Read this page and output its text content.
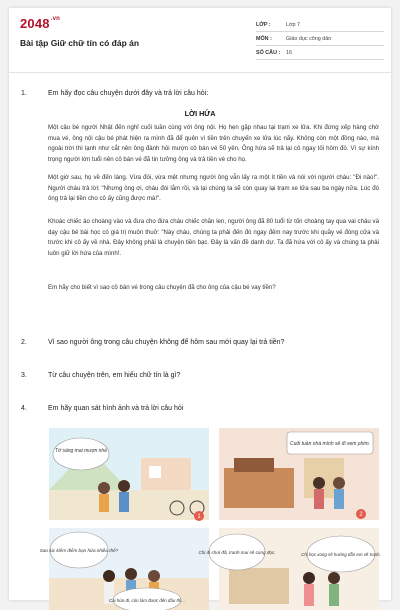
$2048^{.vn}$
Bài tập Giữ chữ tín có đáp án
LỚP :	Lớp 7
MÔN :	Giáo dục công dân
SỐ CÂU :	16
1.	Em hãy đọc câu chuyện dưới đây và trả lời câu hỏi:
LỜI HỨA
Một cậu bé người Nhật đến nghỉ cuối tuần cùng với ông nội. Họ hẹn gặp nhau tại trạm xe lửa. Khi đứng xếp hàng chờ mua vé, ông nội cậu bé phát hiện ra mình đã để quên ví tiền trên chuyến xe lửa lúc nãy. Không còn một đồng nào, mà ngoài trời thì lạnh như cắt nên ông đành hỏi mượn cô bán vé 50 yên. Ông hứa sẽ trả lại cô ngay tối hôm đó. Vì sự kính trọng người lớn tuổi nên cô bán vé đã tin tưởng ông và trả tiền vé cho họ.
Một giờ sau, họ về đến làng. Vừa đói, vừa mệt nhưng người ông vẫn lấy ra một ít tiền và nói với người cháu: "Đi nào!". Người cháu trả lời: "Nhưng ông ơi, cháu đói lắm rồi, và lại chúng ta sẽ còn quay lại trạm xe lửa sau ba ngày nữa. Lúc đó ông trả lại tiền cho cô ấy cũng được mà!".
Khoác chiếc áo choàng vào và đưa cho đứa cháu chiếc chăn len, người ông đã 80 tuổi từ tốn choàng tay qua vai cháu và dạy cậu bé bài học có giá trị muôn thuở: "Này cháu, chúng ta phải đến đó ngay đêm nay trước khi quầy vé đóng cửa và trước khi cô ấy về nhà. Đây không phải là chuyện tiền bạc. Đây là vấn đề danh dự. Ta đã hứa với cô ấy và chúng ta phải luôn giữ lời hứa của mình!.
Em hãy cho biết vì sao cô bán vé trong câu chuyện đã cho ông của cậu bé vay tiền?
2.	Vì sao người ông trong câu chuyện không để hôm sau mới quay lại trả tiền?
3.	Từ câu chuyện trên, em hiểu chữ tín là gì?
4.	Em hãy quan sát hình ảnh và trả lời câu hỏi
1	2
Tớ sáng mai mượn nhé
Cuối tuần nhà mình sẽ đi xem phim.
Sao lúc kiếm điểm bạn hứa nhiều thế?	Chị đi chơi đã, tranh mai sẽ cùng đọc.	Chị học xong sẽ hướng dẫn em vẽ tranh.
Cái hứa đi, còn làm được đến đâu thì...
